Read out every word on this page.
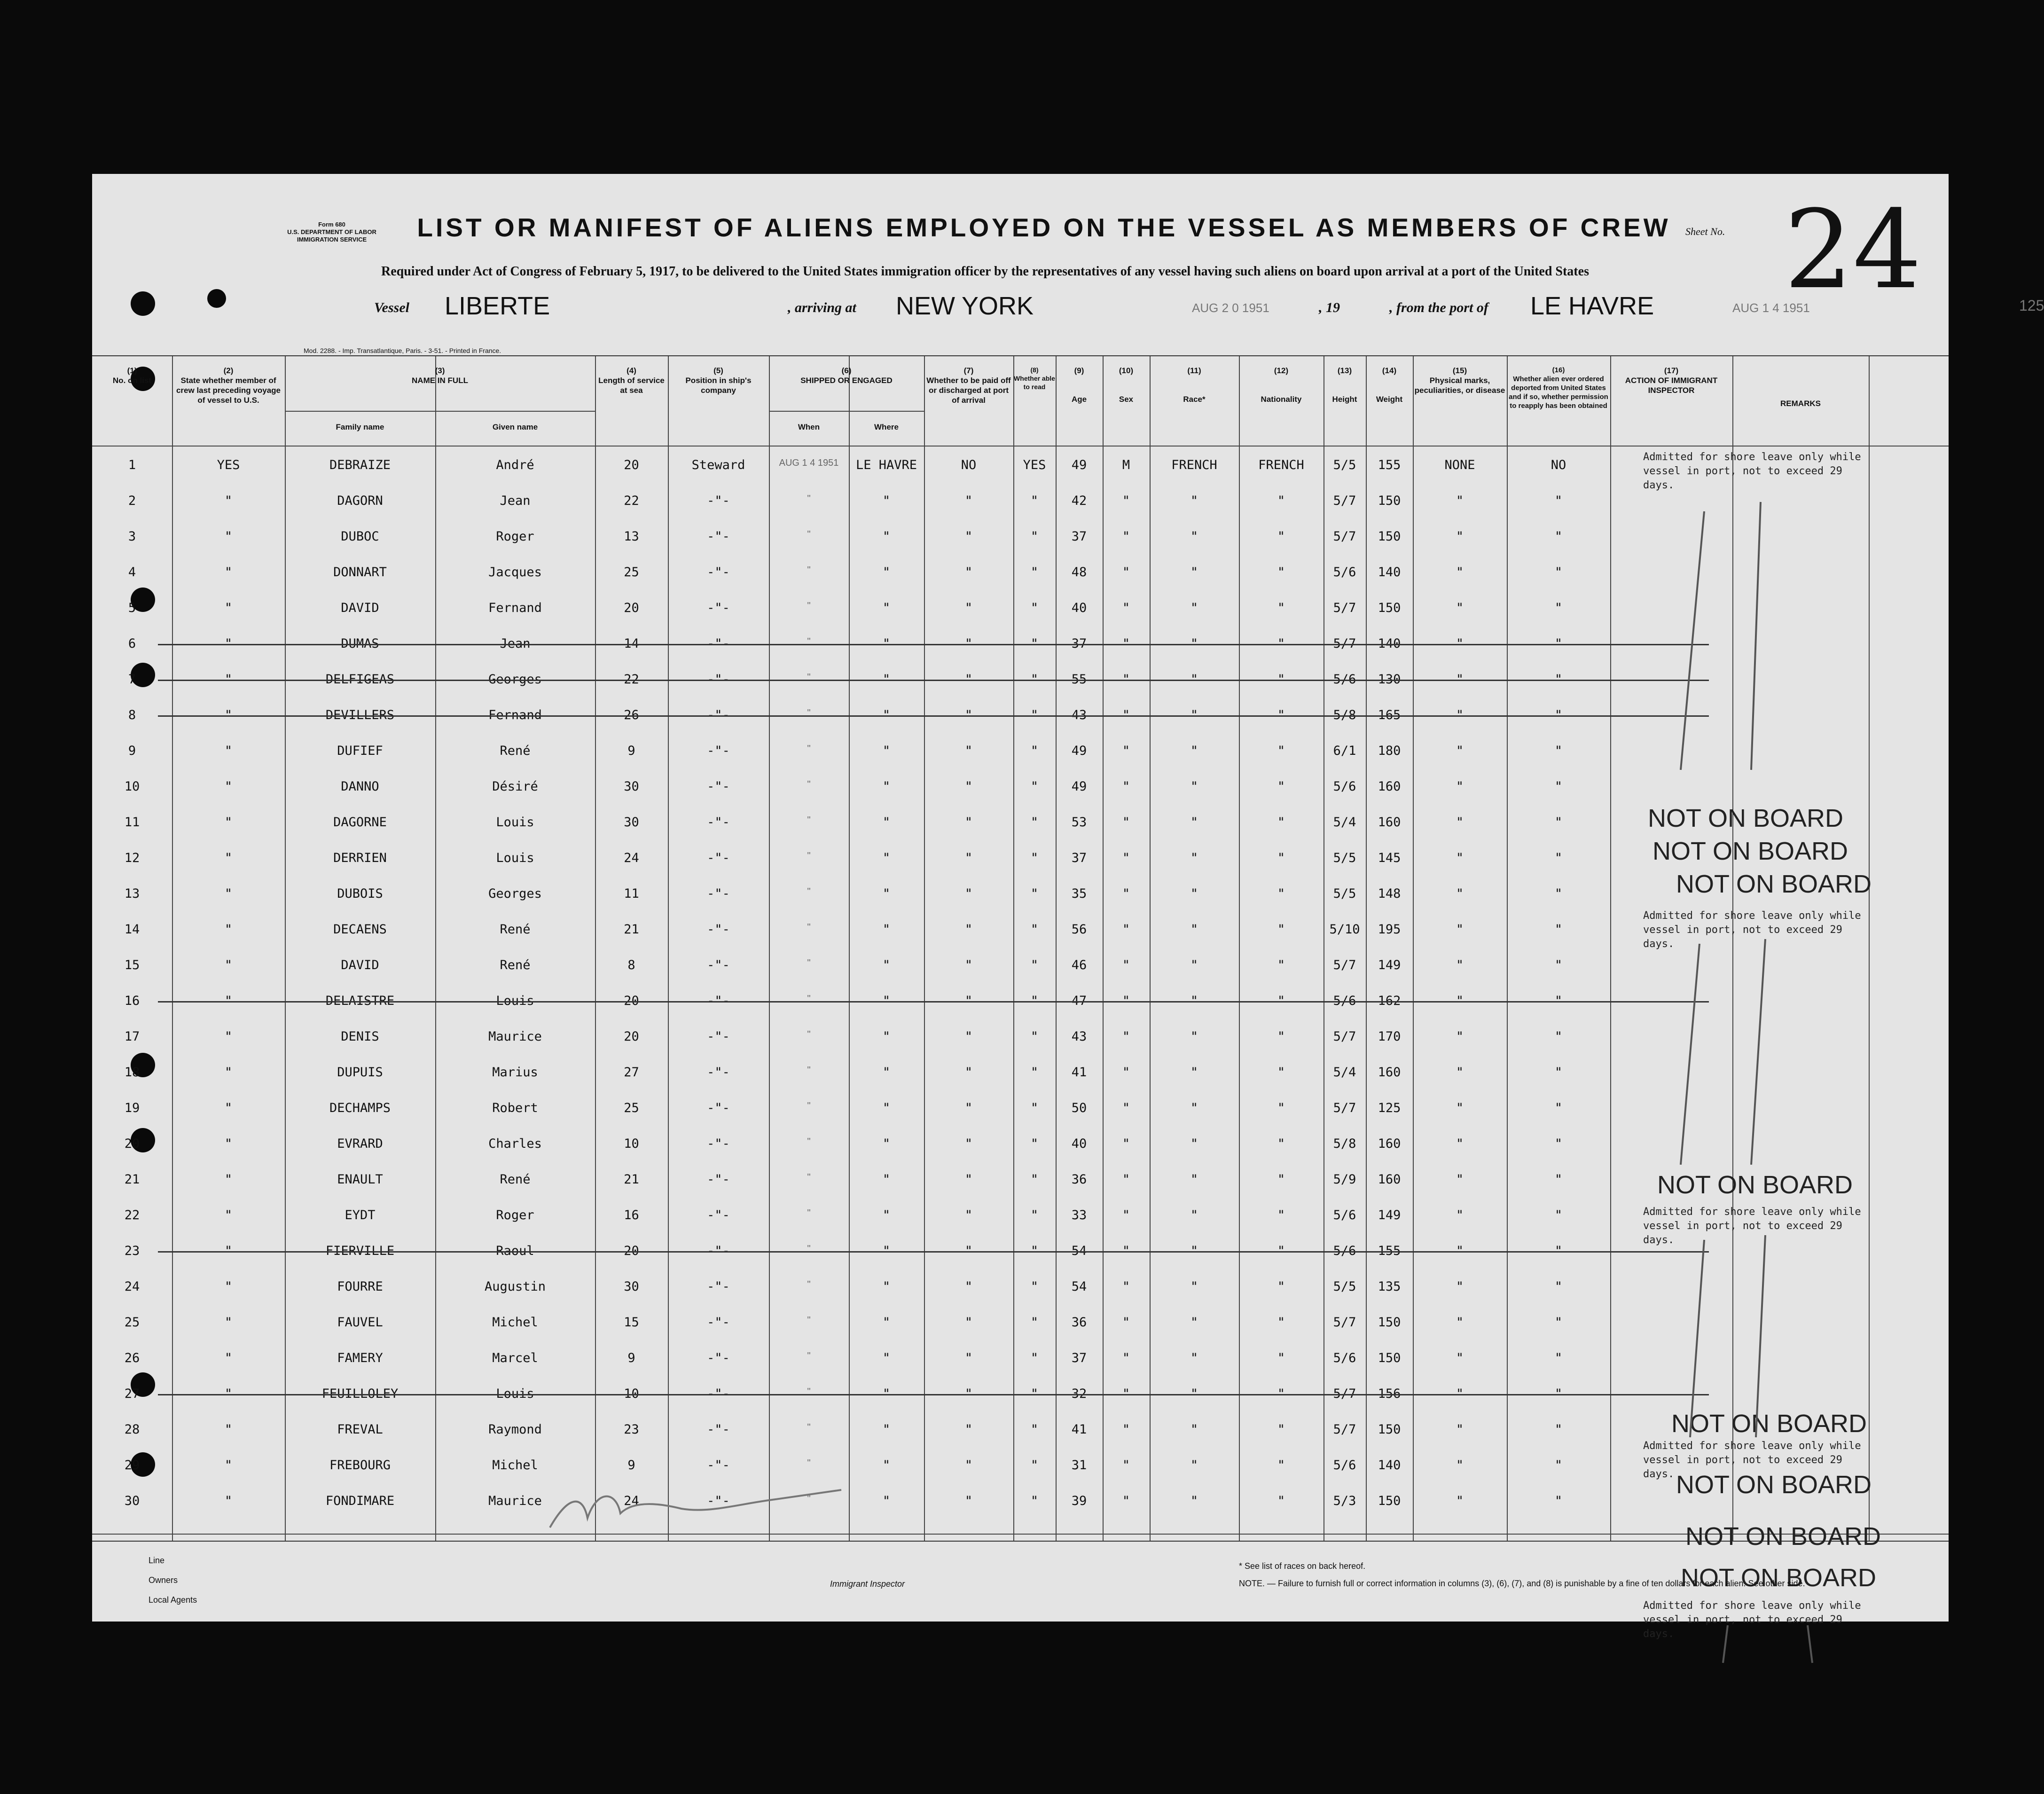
Form 680
U.S. DEPARTMENT OF LABOR
IMMIGRATION SERVICE	LIST OR MANIFEST OF ALIENS EMPLOYED ON THE VESSEL AS MEMBERS OF CREW	Sheet No. 24
Required under Act of Congress of February 5, 1917, to be delivered to the United States immigration officer by the representatives of any vessel having such aliens on board upon arrival at a port of the United States
Vessel LIBERTE	, arriving at NEW YORK	AUG 2 0 1951	, 19	, from the port of LE HAVRE	AUG 1 4 1951	125
Mod. 2288. - Imp. Transatlantique, Paris. - 3-51. - Printed in France.
(1)
No. on list
(2)
State whether member of crew last preceding voyage of vessel to U.S.
(3)
NAME IN FULL
Family name	Given name
(4)
Length of service at sea
(5)
Position in ship's company
(6)
SHIPPED OR ENGAGED
When	Where
(7)
Whether to be paid off or discharged at port of arrival
(8)
Whether able to read
(9)
Age
(10)
Sex
(11)
Race*
(12)
Nationality
(13)
Height
(14)
Weight
(15)
Physical marks, peculiarities, or disease
(16)
Whether alien ever ordered deported from United States and if so, whether permission to reapply has been obtained
(17)
ACTION OF IMMIGRANT INSPECTOR
REMARKS
1	YES	DEBRAIZE	André	20	Steward	AUG 1 4 1951	LE HAVRE	NO	YES	49	M	FRENCH	FRENCH	5/5	155	NONE	NO
2	"	DAGORN	Jean	22	-"-	"	"	"	"	42	"	"	"	5/7	150	"	"
3	"	DUBOC	Roger	13	-"-	"	"	"	"	37	"	"	"	5/7	150	"	"
4	"	DONNART	Jacques	25	-"-	"	"	"	"	48	"	"	"	5/6	140	"	"
5	"	DAVID	Fernand	20	-"-	"	"	"	"	40	"	"	"	5/7	150	"	"
6	"	DUMAS	Jean	14	-"-	"	"	"	"	37	"	"	"	5/7	140	"	"
7	"	DELFIGEAS	Georges	22	-"-	"	"	"	"	55	"	"	"	5/6	130	"	"
8	"	DEVILLERS	Fernand	26	-"-	"	"	"	"	43	"	"	"	5/8	165	"	"
9	"	DUFIEF	René	9	-"-	"	"	"	"	49	"	"	"	6/1	180	"	"
10	"	DANNO	Désiré	30	-"-	"	"	"	"	49	"	"	"	5/6	160	"	"
11	"	DAGORNE	Louis	30	-"-	"	"	"	"	53	"	"	"	5/4	160	"	"
12	"	DERRIEN	Louis	24	-"-	"	"	"	"	37	"	"	"	5/5	145	"	"
13	"	DUBOIS	Georges	11	-"-	"	"	"	"	35	"	"	"	5/5	148	"	"
14	"	DECAENS	René	21	-"-	"	"	"	"	56	"	"	"	5/10	195	"	"
15	"	DAVID	René	8	-"-	"	"	"	"	46	"	"	"	5/7	149	"	"
16	"	DELAISTRE	Louis	20	-"-	"	"	"	"	47	"	"	"	5/6	162	"	"
17	"	DENIS	Maurice	20	-"-	"	"	"	"	43	"	"	"	5/7	170	"	"
18	"	DUPUIS	Marius	27	-"-	"	"	"	"	41	"	"	"	5/4	160	"	"
19	"	DECHAMPS	Robert	25	-"-	"	"	"	"	50	"	"	"	5/7	125	"	"
20	"	EVRARD	Charles	10	-"-	"	"	"	"	40	"	"	"	5/8	160	"	"
21	"	ENAULT	René	21	-"-	"	"	"	"	36	"	"	"	5/9	160	"	"
22	"	EYDT	Roger	16	-"-	"	"	"	"	33	"	"	"	5/6	149	"	"
23	"	FIERVILLE	Raoul	20	-"-	"	"	"	"	54	"	"	"	5/6	155	"	"
24	"	FOURRE	Augustin	30	-"-	"	"	"	"	54	"	"	"	5/5	135	"	"
25	"	FAUVEL	Michel	15	-"-	"	"	"	"	36	"	"	"	5/7	150	"	"
26	"	FAMERY	Marcel	9	-"-	"	"	"	"	37	"	"	"	5/6	150	"	"
27	"	FEUILLOLEY	Louis	10	-"-	"	"	"	"	32	"	"	"	5/7	156	"	"
28	"	FREVAL	Raymond	23	-"-	"	"	"	"	41	"	"	"	5/7	150	"	"
29	"	FREBOURG	Michel	9	-"-	"	"	"	"	31	"	"	"	5/6	140	"	"
30	"	FONDIMARE	Maurice	24	-"-	"	"	"	"	39	"	"	"	5/3	150	"	"
Admitted for shore leave only while vessel in port, not to exceed 29 days.
NOT ON BOARD
NOT ON BOARD
NOT ON BOARD
Admitted for shore leave only while vessel in port, not to exceed 29 days.
NOT ON BOARD
Admitted for shore leave only while vessel in port, not to exceed 29 days.
NOT ON BOARD
Admitted for shore leave only while vessel in port, not to exceed 29 days. NOT ON BOARD
NOT ON BOARD
NOT ON BOARD
Admitted for shore leave only while vessel in port, not to exceed 29 days.
Line
Owners
Local Agents
Immigrant Inspector
* See list of races on back hereof.
NOTE. — Failure to furnish full or correct information in columns (3), (6), (7), and (8) is punishable by a fine of ten dollars for each alien. See other side.
